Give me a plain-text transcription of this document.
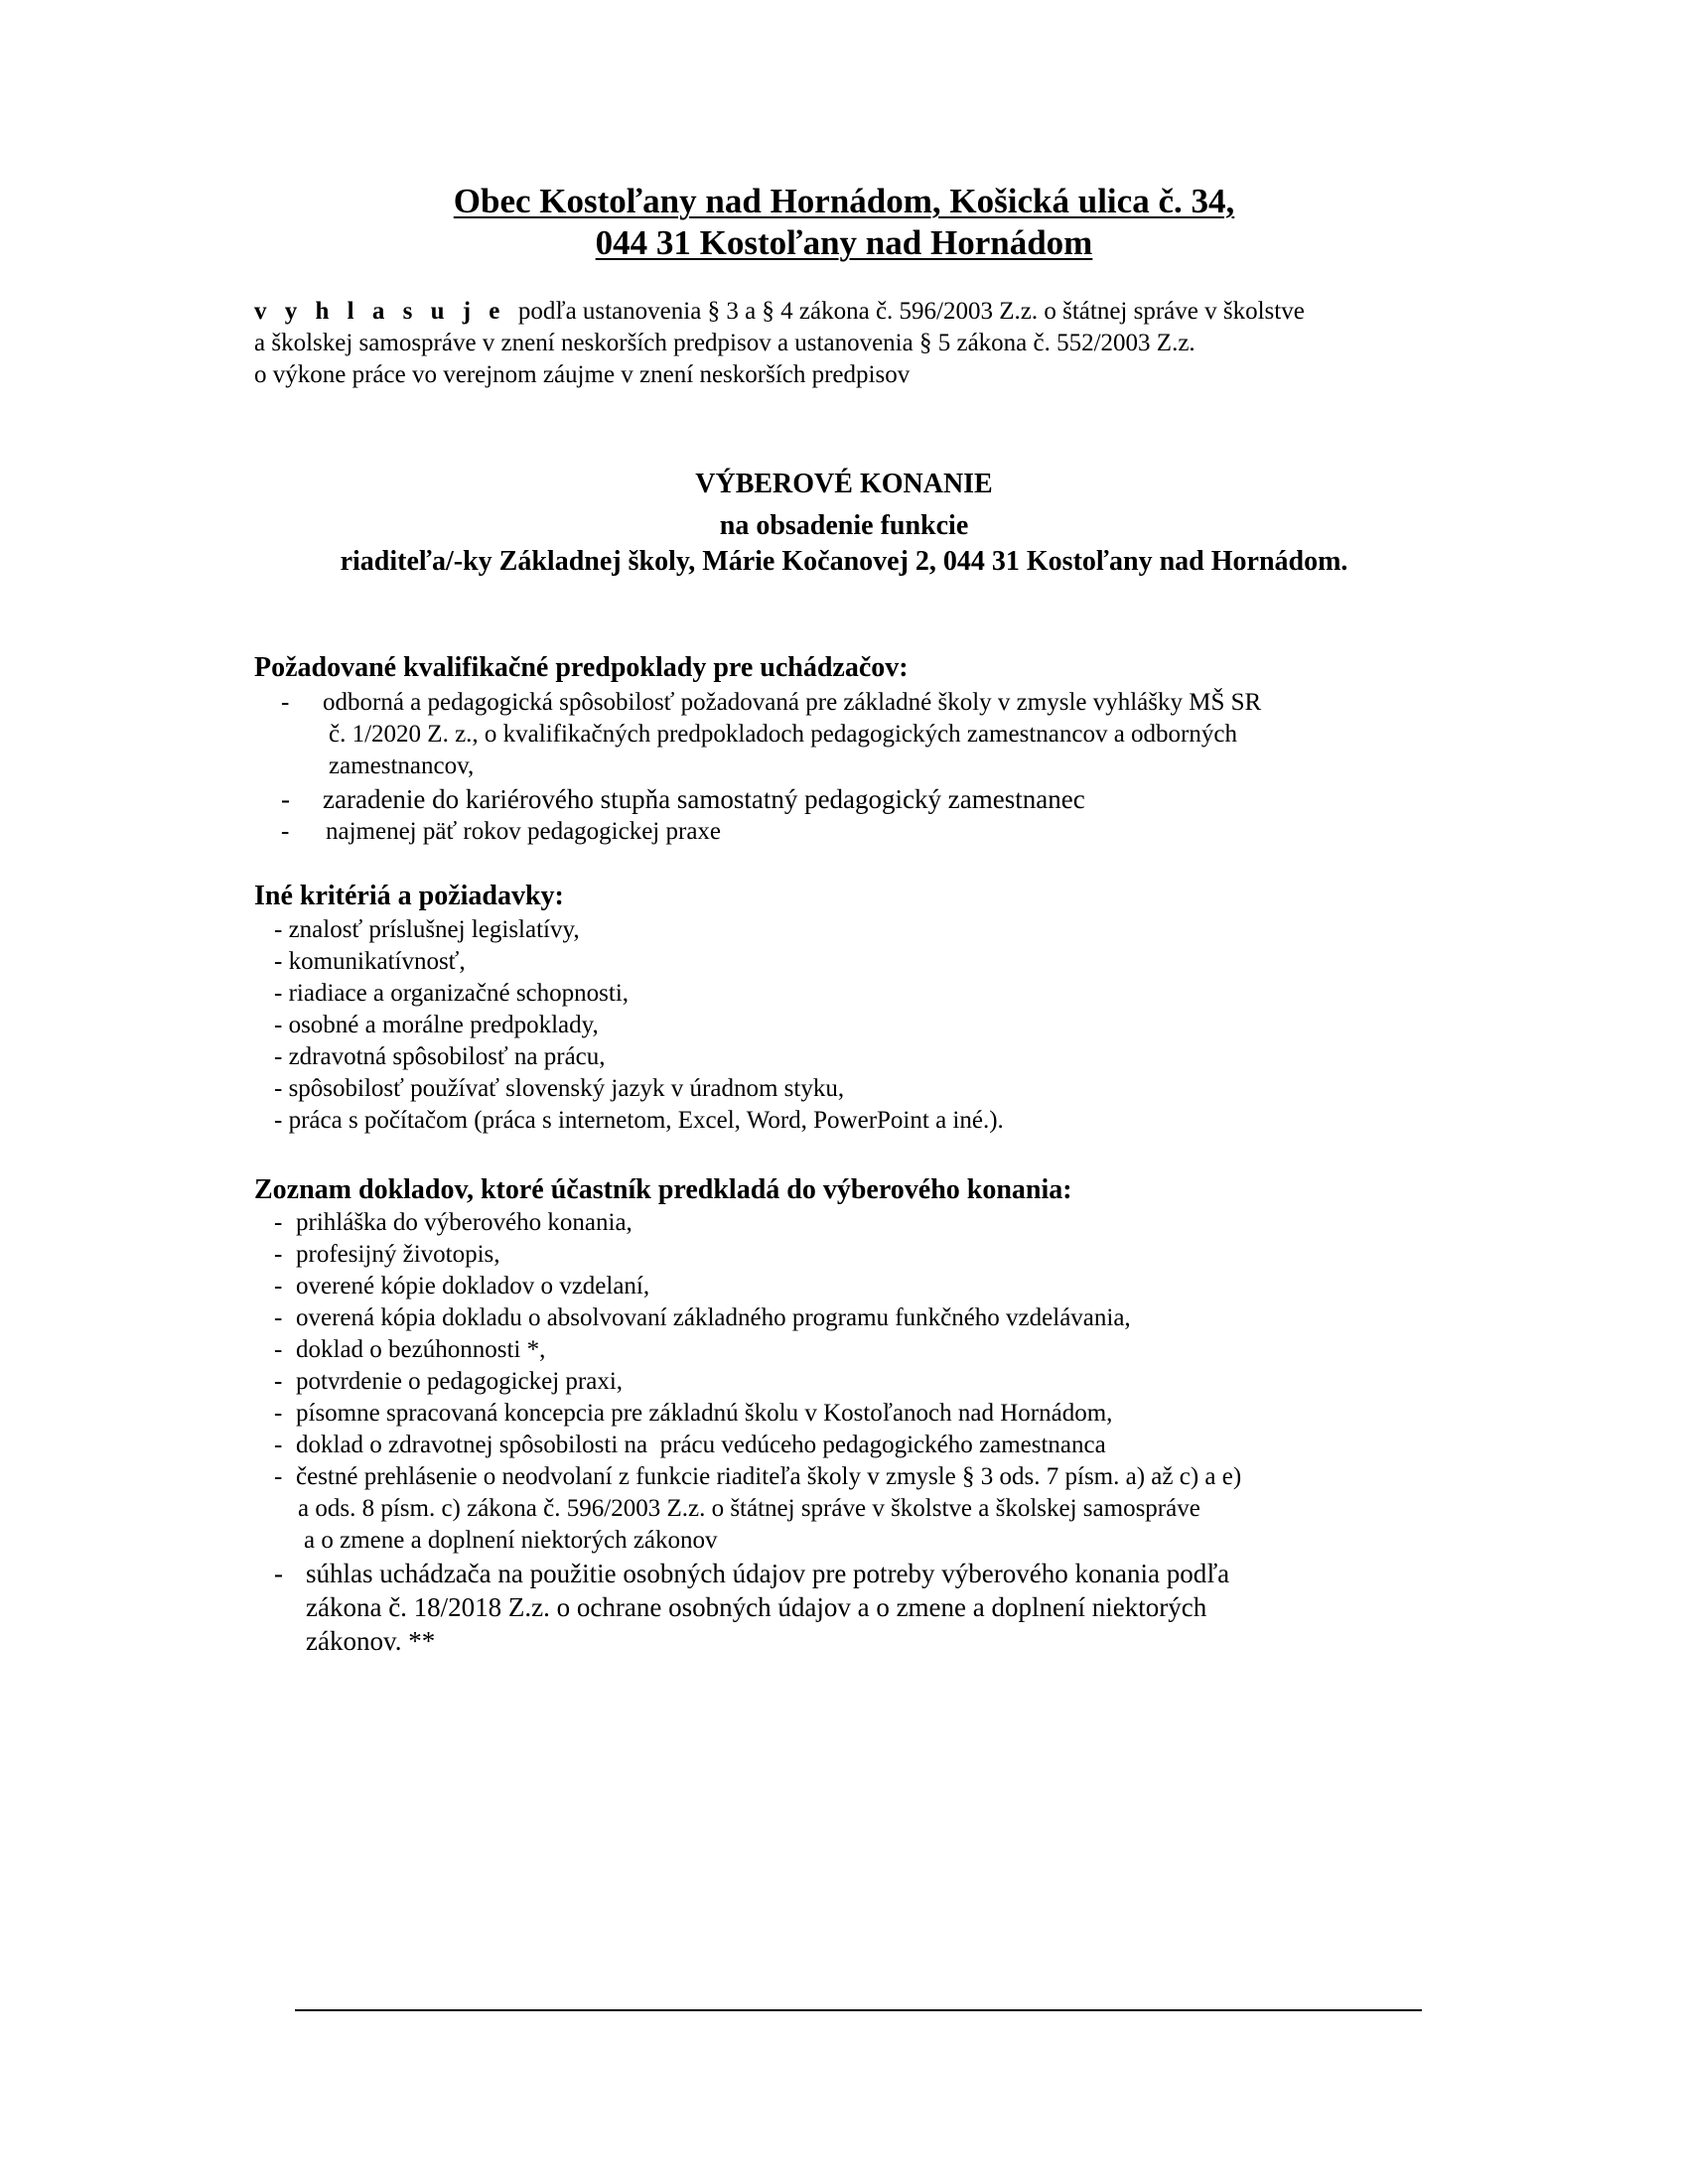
Obec Kostoľany nad Hornádom, Košická ulica č. 34,
044 31 Kostoľany nad Hornádom
v y h l a s u j e  podľa ustanovenia § 3 a § 4 zákona č. 596/2003 Z.z. o štátnej správe v školstve
a školskej samospráve v znení neskorších predpisov a ustanovenia § 5 zákona č. 552/2003 Z.z.
o výkone práce vo verejnom záujme v znení neskorších predpisov
VÝBEROVÉ KONANIE
na obsadenie funkcie
riaditeľa/-ky Základnej školy, Márie Kočanovej 2, 044 31 Kostoľany nad Hornádom.
Požadované kvalifikačné predpoklady pre uchádzačov:
- odborná a pedagogická spôsobilosť požadovaná pre základné školy v zmysle vyhlášky MŠ SR
č. 1/2020 Z. z., o kvalifikačných predpokladoch pedagogických zamestnancov a odborných
zamestnancov,
- zaradenie do kariérového stupňa samostatný pedagogický zamestnanec
- najmenej päť rokov pedagogickej praxe
Iné kritériá a požiadavky:
- znalosť príslušnej legislatívy,
- komunikatívnosť,
- riadiace a organizačné schopnosti,
- osobné a morálne predpoklady,
- zdravotná spôsobilosť na prácu,
- spôsobilosť používať slovenský jazyk v úradnom styku,
- práca s počítačom (práca s internetom, Excel, Word, PowerPoint a iné.).
Zoznam dokladov, ktoré účastník predkladá do výberového konania:
- prihláška do výberového konania,
- profesijný životopis,
- overené kópie dokladov o vzdelaní,
- overená kópia dokladu o absolvovaní základného programu funkčného vzdelávania,
- doklad o bezúhonnosti *,
- potvrdenie o pedagogickej praxi,
- písomne spracovaná koncepcia pre základnú školu v Kostoľanoch nad Hornádom,
- doklad o zdravotnej spôsobilosti na  prácu vedúceho pedagogického zamestnanca
- čestné prehlásenie o neodvolaní z funkcie riaditeľa školy v zmysle § 3 ods. 7 písm. a) až c) a e)
a ods. 8 písm. c) zákona č. 596/2003 Z.z. o štátnej správe v školstve a školskej samospráve
a o zmene a doplnení niektorých zákonov
- súhlas uchádzača na použitie osobných údajov pre potreby výberového konania podľa
zákona č. 18/2018 Z.z. o ochrane osobných údajov a o zmene a doplnení niektorých
zákonov. **
